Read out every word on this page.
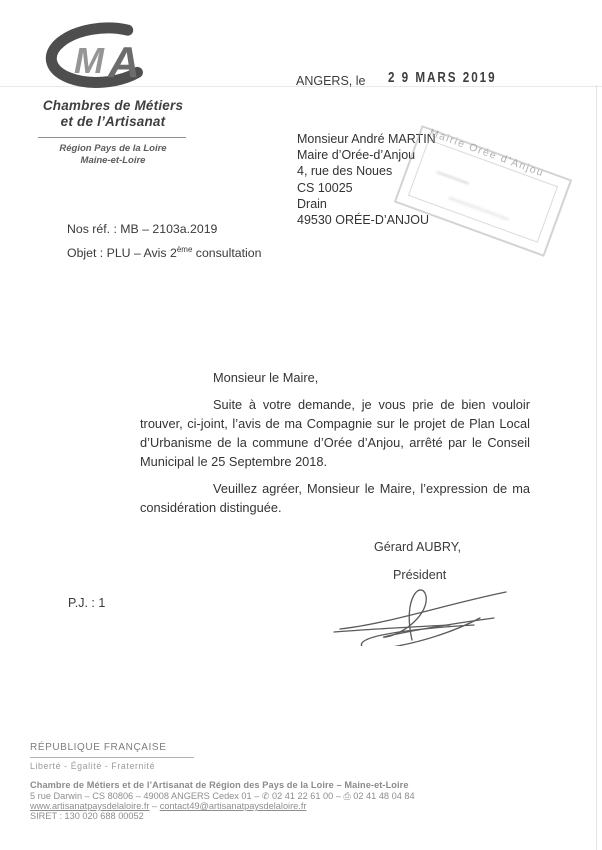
M A
Chambres de Métiers
et de l’Artisanat
Région Pays de la Loire
Maine-et-Loire
ANGERS, le 2 9 MARS 2019
Monsieur André MARTIN
Maire d’Orée-d’Anjou
4, rue des Noues
CS 10025
Drain
49530 ORÉE-D’ANJOU
Mairie Orée d’Anjou
Nos réf. : MB – 2103a.2019
Objet : PLU – Avis 2ème consultation

Monsieur le Maire,

Suite à votre demande, je vous prie de bien vouloir trouver, ci-joint, l’avis de ma Compagnie sur le projet de Plan Local d’Urbanisme de la commune d’Orée d’Anjou, arrêté par le Conseil Municipal le 25 Septembre 2018.

Veuillez agréer, Monsieur le Maire, l’expression de ma considération distinguée.

Gérard AUBRY,
Président
P.J. : 1
RÉPUBLIQUE FRANÇAISE
Liberté - Égalité - Fraternité
Chambre de Métiers et de l’Artisanat de Région des Pays de la Loire – Maine-et-Loire
5 rue Darwin – CS 80806 – 49008 ANGERS Cedex 01 – ✆ 02 41 22 61 00 – ⎙ 02 41 48 04 84
www.artisanatpaysdelaloire.fr – contact49@artisanatpaysdelaloire.fr
SIRET : 130 020 688 00052
